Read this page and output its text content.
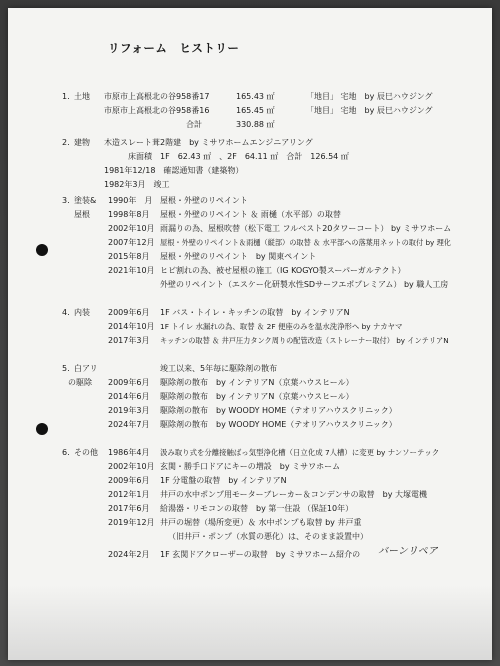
リフォーム　ヒストリー
1. 土地 市原市上高根北の谷958番17	165.43 ㎡	「地目」 宅地　by 辰巳ハウジング
市原市上高根北の谷958番16	165.45 ㎡	「地目」 宅地　by 辰巳ハウジング
合計	330.88 ㎡
2. 建物 木造スレート葺2階建　by ミサワホームエンジニアリング
床面積　1F　62.43 ㎡　、2F　64.11 ㎡　合計　126.54 ㎡
1981年12/18　確認通知書（建築物）
1982年3月　竣工
3. 塗装& 1990年　月 屋根・外壁のリペイント
屋根 1998年8月 屋根・外壁のリペイント ＆ 雨樋（水平部）の取替
2002年10月 雨漏りの為、屋根吹替（松下電工 フルベスト20タワーコート） by ミサワホーム
2007年12月 屋根・外壁のリペイント＆雨樋（縦部）の取替 ＆ 水平部への落葉用ネットの取付 by 理化
2015年8月 屋根・外壁のリペイント　by 関東ペイント
2021年10月 ヒビ割れの為、被せ屋根の施工（IG KOGYO製スーパーガルテクト）
外壁のリペイント（エスケー化研製水性SDサーフエポプレミアム） by 職人工房
4. 内装 2009年6月 1F バス・トイレ・キッチンの取替　by インテリアN
2014年10月 1F トイレ 水漏れの為、取替 ＆ 2F 便座のみを温水洗浄形へ by ナカヤマ
2017年3月 キッチンの取替 ＆ 井戸圧力タンク周りの配管改造（ストレーナー取付） by インテリアN
5. 白アリ	竣工以来、5年毎に駆除剤の散布
の駆除 2009年6月 駆除剤の散布　by インテリアN（京葉ハウスヒール）
2014年6月 駆除剤の散布　by インテリアN（京葉ハウスヒール）
2019年3月 駆除剤の散布　by WOODY HOME（テオリアハウスクリニック）
2024年7月 駆除剤の散布　by WOODY HOME（テオリアハウスクリニック）
6. その他 1986年4月 汲み取り式を分離接触ばっ気型浄化槽（日立化成 7人槽）に変更 by ナンソーテック
2002年10月 玄関・勝手口ドアにキーの増設　by ミサワホーム
2009年6月 1F 分電盤の取替　by インテリアN
2012年1月 井戸の水中ポンプ用モーターブレーカー＆コンデンサの取替　by 大塚電機
2017年6月 給湯器・リモコンの取替　by 第一住設 （保証10年）
2019年12月 井戸の堀替（場所変更）＆ 水中ポンプも取替 by 井戸重
（旧井戸・ポンプ（水質の悪化）は、そのまま設置中）
2024年2月 1F 玄関ドアクローザーの取替　by ミサワホーム紹介の バーンリペア
